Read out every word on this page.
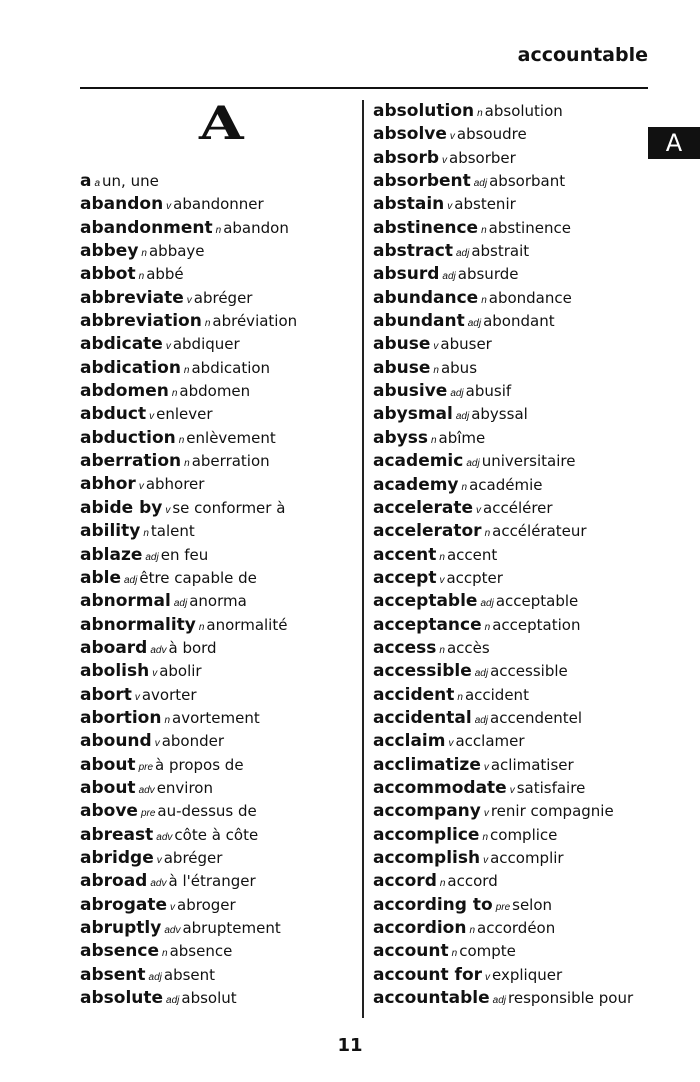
accountable
A
A
aa un, une
abandon v abandonner
abandonment n abandon
abbey n abbaye
abbot n abbé
abbreviate v abréger
abbreviation n abréviation
abdicate v abdiquer
abdication n abdication
abdomen n abdomen
abduct v enlever
abduction n enlèvement
aberration n aberration
abhor v abhorer
abide by v se conformer à
ability n talent
ablaze adj en feu
able adj être capable de
abnormal adj anorma
abnormality n anormalité
aboard adv à bord
abolish v abolir
abort v avorter
abortion n avortement
abound v abonder
about pre à propos de
about adv environ
above pre au-dessus de
abreast adv côte à côte
abridge v abréger
abroad adv à l'étranger
abrogate v abroger
abruptly adv abruptement
absence n absence
absent adj absent
absolute adj absolut
absolution n absolution
absolve v absoudre
absorb v absorber
absorbent adj absorbant
abstain v abstenir
abstinence n abstinence
abstract adj abstrait
absurd adj absurde
abundance n abondance
abundant adj abondant
abuse v abuser
abuse n abus
abusive adj abusif
abysmal adj abyssal
abyss n abîme
academic adj universitaire
academy n académie
accelerate v accélérer
accelerator n accélérateur
accent n accent
accept v accpter
acceptable adj acceptable
acceptance n acceptation
access n accès
accessible adj accessible
accident n accident
accidental adj accendentel
acclaim v acclamer
acclimatize v aclimatiser
accommodate v satisfaire
accompany v renir compagnie
accomplice n complice
accomplish v accomplir
accord n accord
according to pre selon
accordion n accordéon
account n compte
account for v expliquer
accountable adj responsible pour
11
